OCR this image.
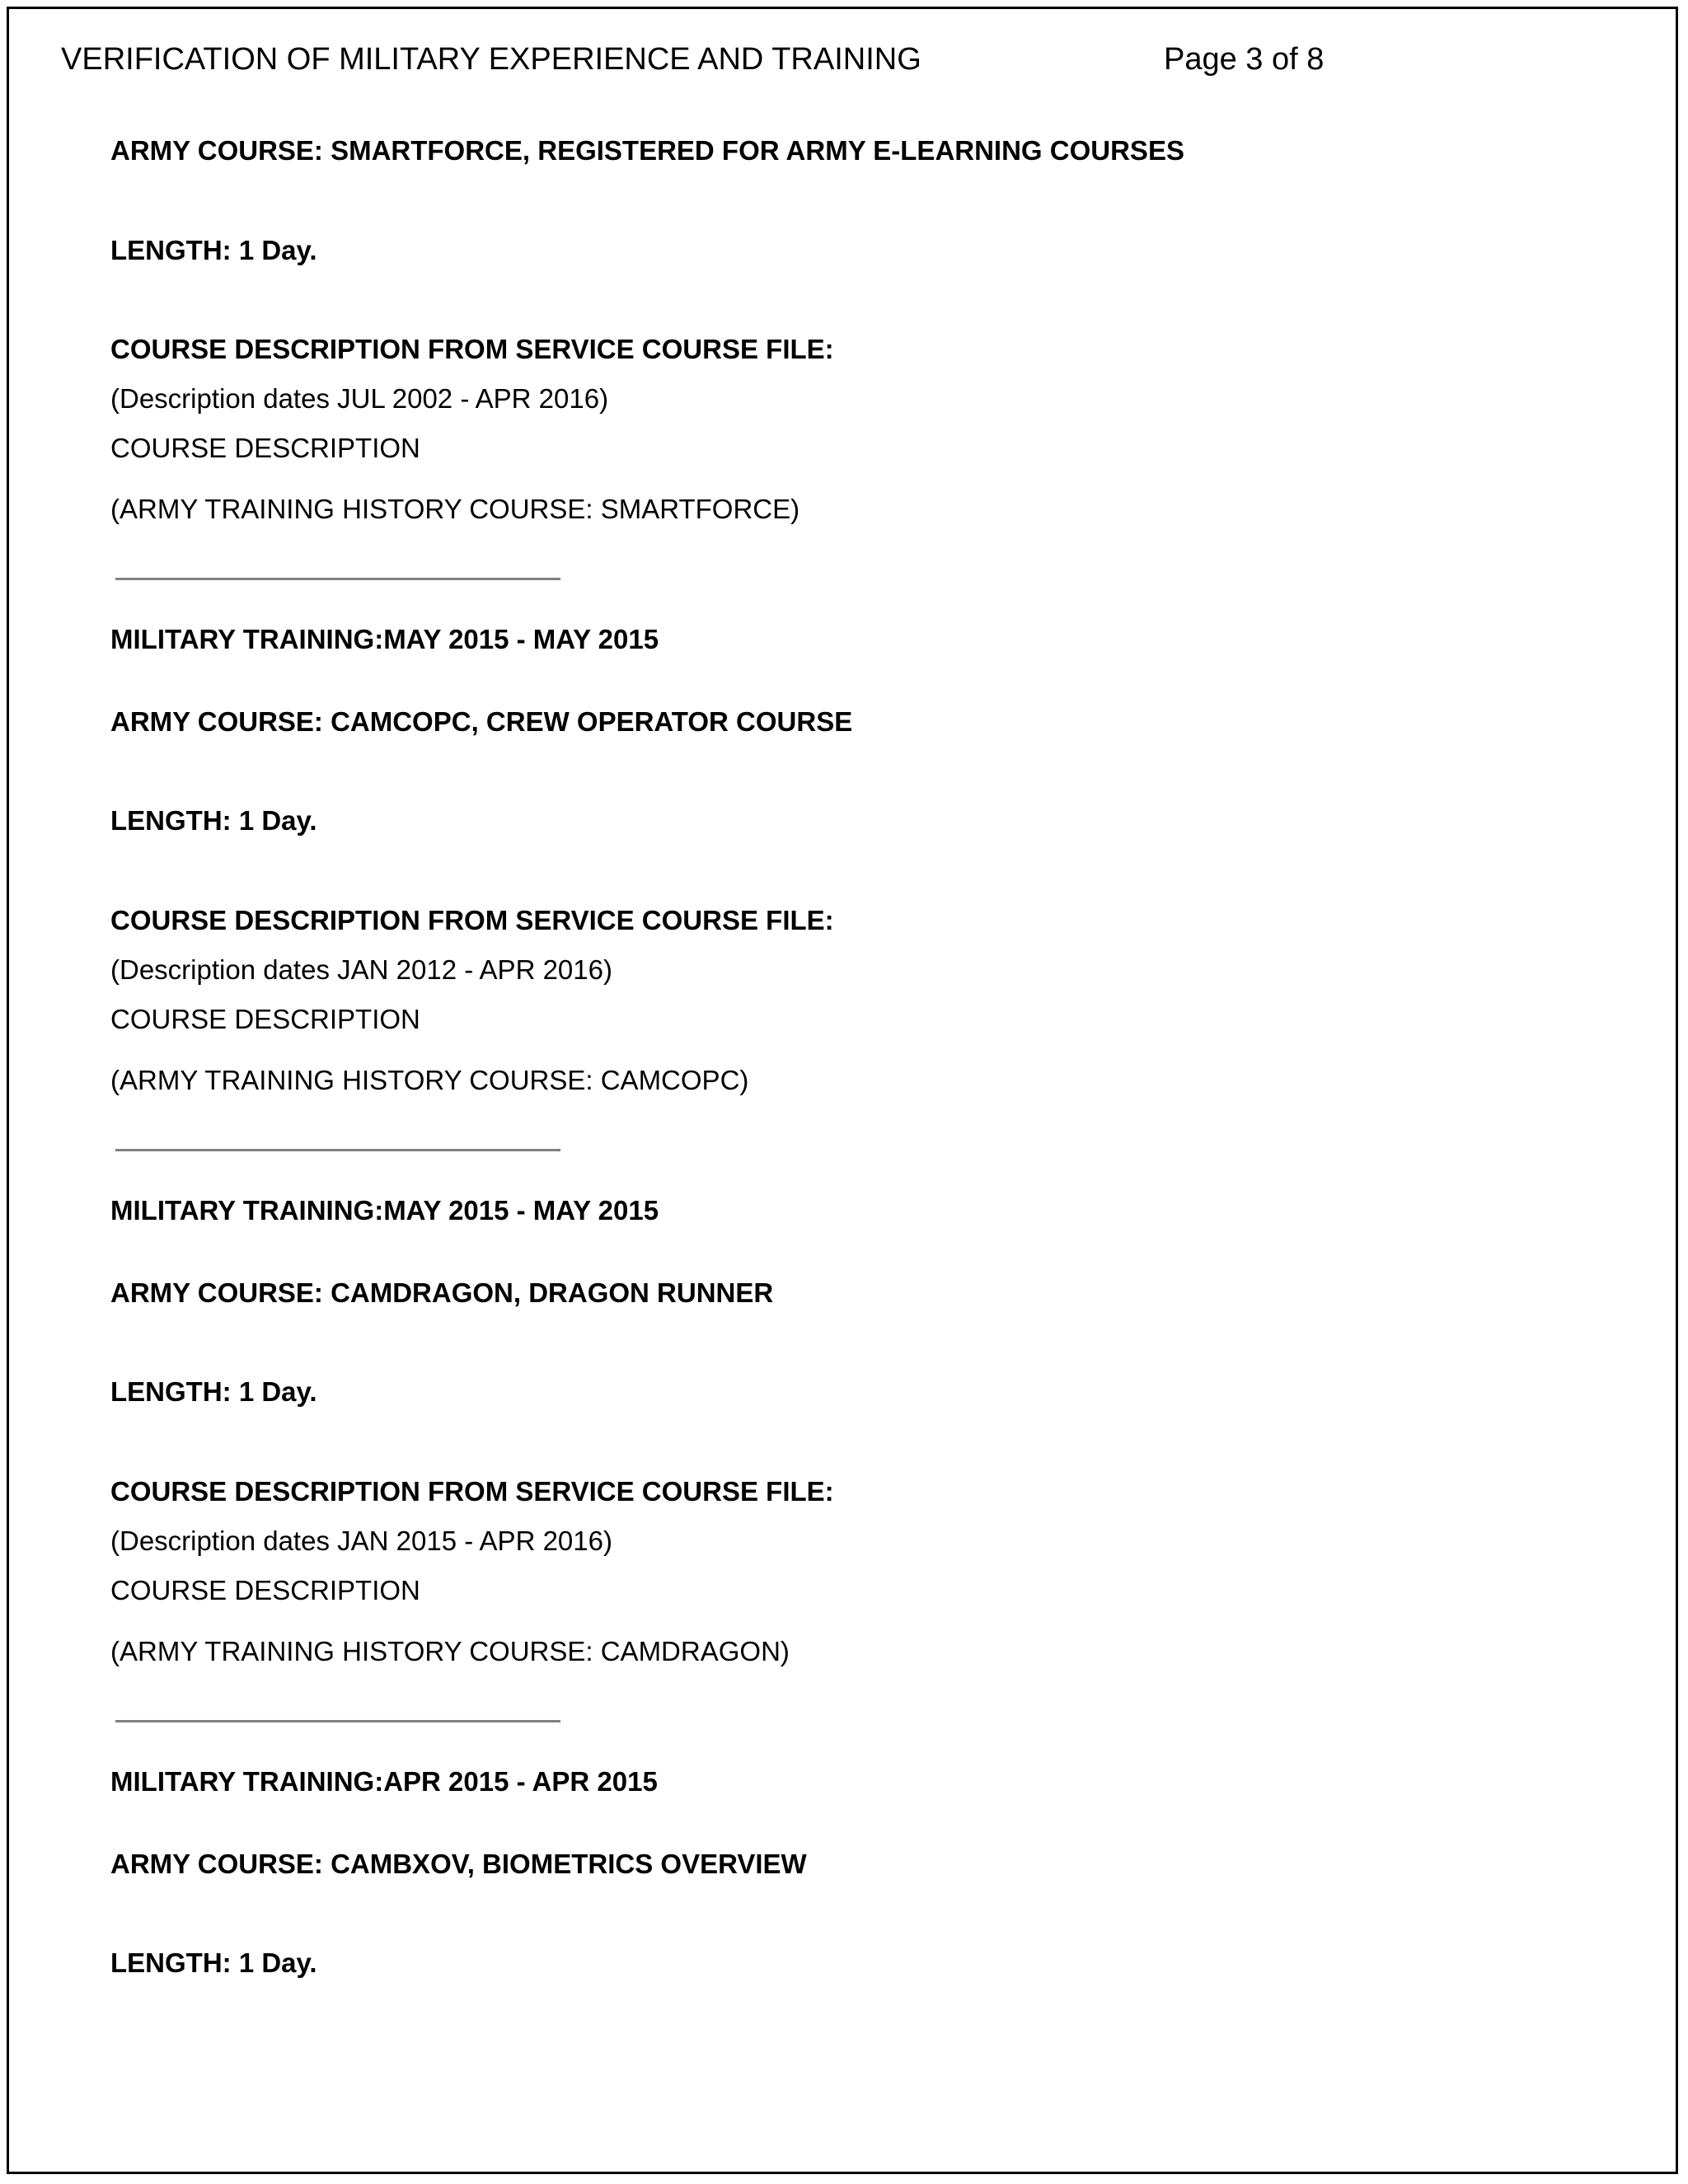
VERIFICATION OF MILITARY EXPERIENCE AND TRAINING	Page 3 of 8
ARMY COURSE: SMARTFORCE, REGISTERED FOR ARMY E-LEARNING COURSES
LENGTH: 1 Day.
COURSE DESCRIPTION FROM SERVICE COURSE FILE:
(Description dates JUL 2002 - APR 2016)
COURSE DESCRIPTION
(ARMY TRAINING HISTORY COURSE: SMARTFORCE)
MILITARY TRAINING:MAY 2015 - MAY 2015
ARMY COURSE: CAMCOPC, CREW OPERATOR COURSE
LENGTH: 1 Day.
COURSE DESCRIPTION FROM SERVICE COURSE FILE:
(Description dates JAN 2012 - APR 2016)
COURSE DESCRIPTION
(ARMY TRAINING HISTORY COURSE: CAMCOPC)
MILITARY TRAINING:MAY 2015 - MAY 2015
ARMY COURSE: CAMDRAGON, DRAGON RUNNER
LENGTH: 1 Day.
COURSE DESCRIPTION FROM SERVICE COURSE FILE:
(Description dates JAN 2015 - APR 2016)
COURSE DESCRIPTION
(ARMY TRAINING HISTORY COURSE: CAMDRAGON)
MILITARY TRAINING:APR 2015 - APR 2015
ARMY COURSE: CAMBXOV, BIOMETRICS OVERVIEW
LENGTH: 1 Day.
